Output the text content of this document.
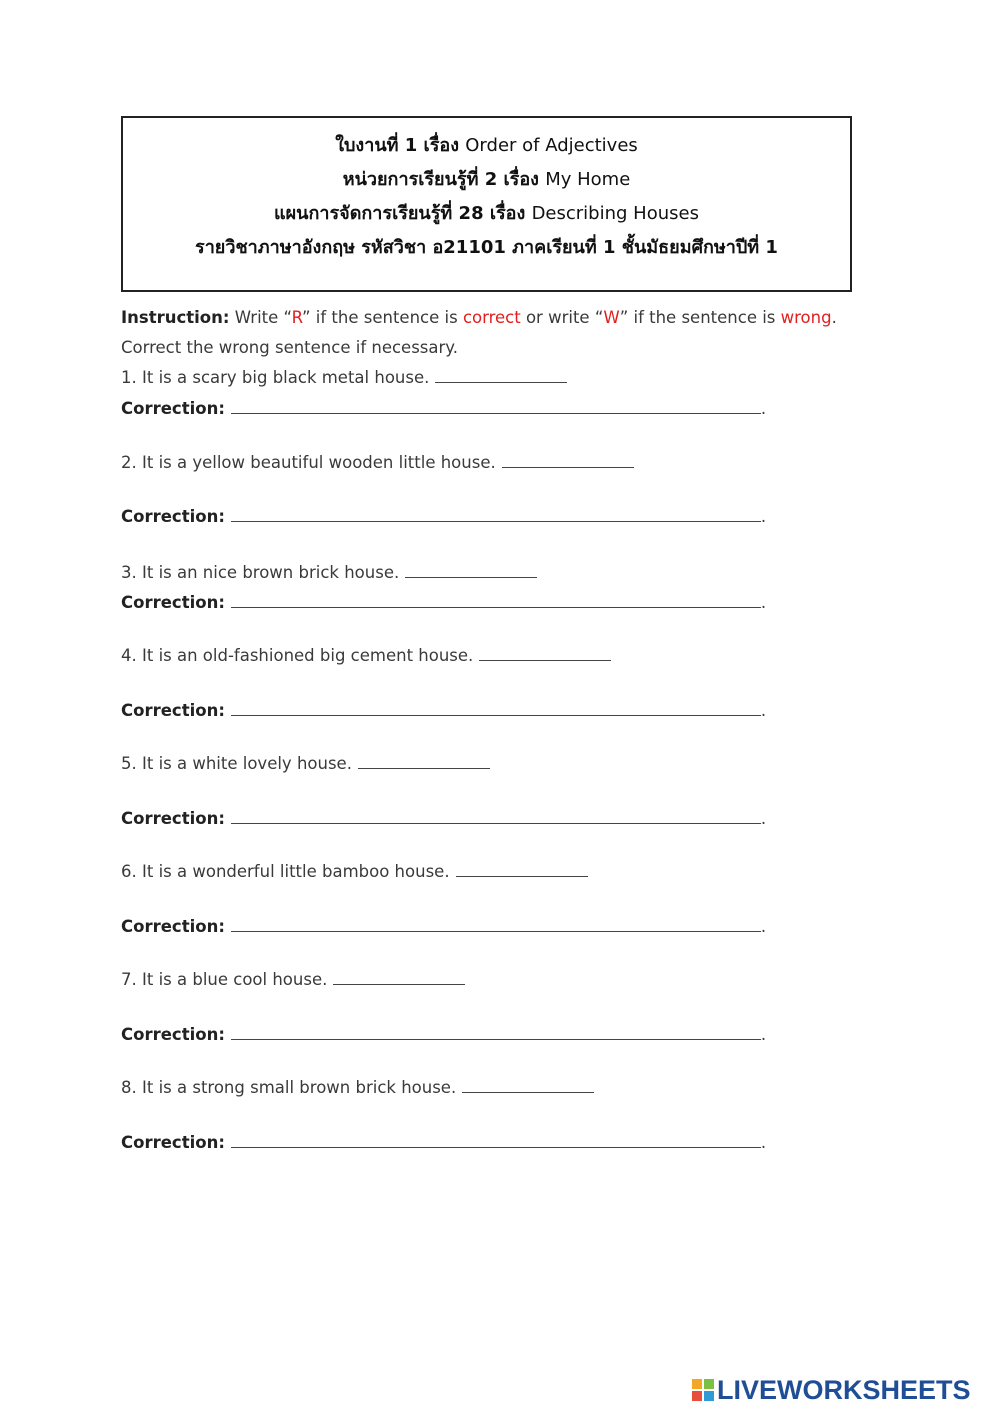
ใบงานที่ 1 เรื่อง Order of Adjectives
หน่วยการเรียนรู้ที่ 2 เรื่อง My Home
แผนการจัดการเรียนรู้ที่ 28 เรื่อง Describing Houses
รายวิชาภาษาอังกฤษ รหัสวิชา อ21101 ภาคเรียนที่ 1 ชั้นมัธยมศึกษาปีที่ 1
Instruction: Write “R” if the sentence is correct or write “W” if the sentence is wrong.
Correct the wrong sentence if necessary.
1. It is a scary big black metal house.
Correction:	.
2. It is a yellow beautiful wooden little house.
Correction:	.
3. It is an nice brown brick house.
Correction:	.
4. It is an old-fashioned big cement house.
Correction:	.
5. It is a white lovely house.
Correction:	.
6. It is a wonderful little bamboo house.
Correction:	.
7. It is a blue cool house.
Correction:	.
8. It is a strong small brown brick house.
Correction:	.
LIVEWORKSHEETS
